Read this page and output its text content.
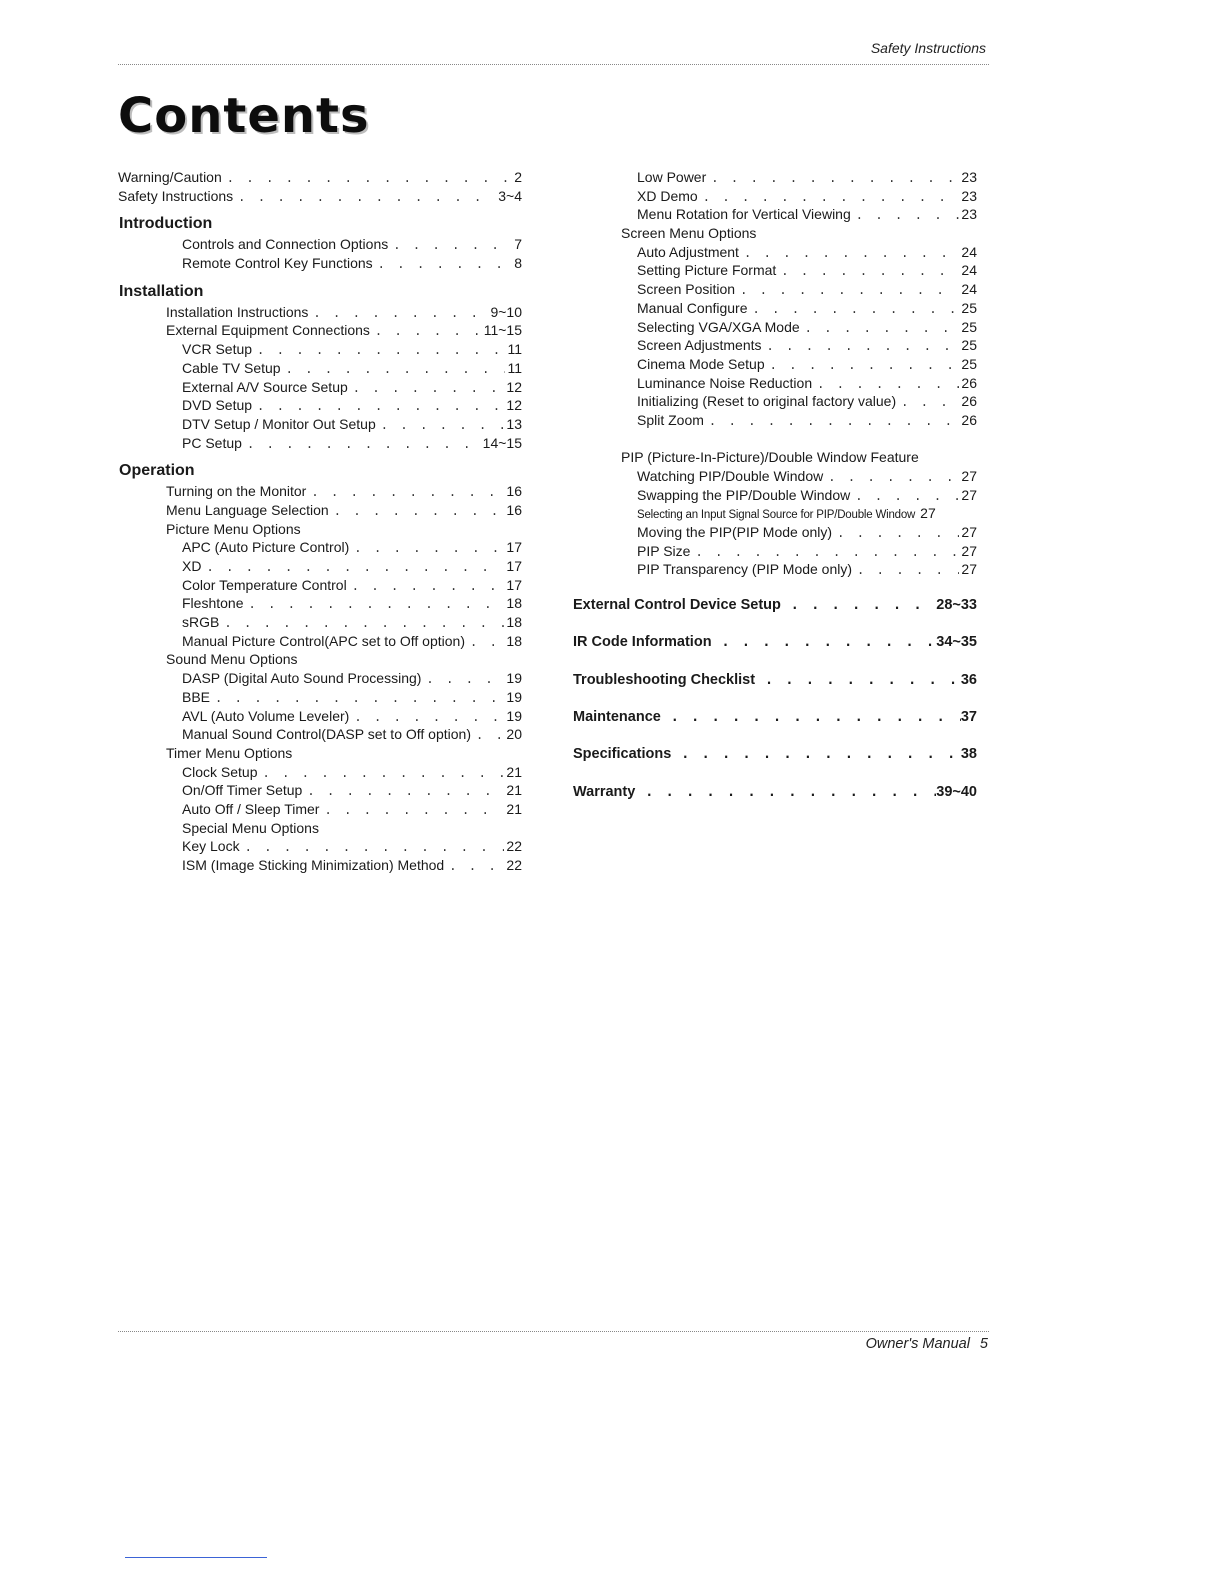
Safety Instructions
Contents
Warning/Caution . . .	2
Safety Instructions . . .	3~4
Introduction
Controls and Connection Options . . .	7
Remote Control Key Functions . . .	8
Installation
Installation Instructions . . .	9~10
External Equipment Connections . . .	11~15
VCR Setup . . .	11
Cable TV Setup . . .	11
External A/V Source Setup . . .	12
DVD Setup . . .	12
DTV Setup / Monitor Out Setup . . .	13
PC Setup . . .	14~15
Operation
Turning on the Monitor . . .	16
Menu Language Selection . . .	16
Picture Menu Options
APC (Auto Picture Control) . . .	17
XD . . .	17
Color Temperature Control . . .	17
Fleshtone . . .	18
sRGB . . .	18
Manual Picture Control(APC set to Off option) . . .	18
Sound Menu Options
DASP (Digital Auto Sound Processing) . . .	19
BBE . . .	19
AVL (Auto Volume Leveler) . . .	19
Manual Sound Control(DASP set to Off option) . . .	20
Timer Menu Options
Clock Setup . . .	21
On/Off Timer Setup . . .	21
Auto Off / Sleep Timer . . .	21
Special Menu Options
Key Lock . . .	22
ISM (Image Sticking Minimization) Method . . .	22
Low Power . . .	23
XD Demo . . .	23
Menu Rotation for Vertical Viewing . . .	23
Screen Menu Options
Auto Adjustment . . .	24
Setting Picture Format . . .	24
Screen Position . . .	24
Manual Configure . . .	25
Selecting VGA/XGA Mode . . .	25
Screen Adjustments . . .	25
Cinema Mode Setup . . .	25
Luminance Noise Reduction . . .	26
Initializing (Reset to original factory value) . . .	26
Split Zoom . . .	26
PIP (Picture-In-Picture)/Double Window Feature
Watching PIP/Double Window . . .	27
Swapping the PIP/Double Window . . .	27
Selecting an Input Signal Source for PIP/Double Window 27
Moving the PIP(PIP Mode only) . . .	27
PIP Size . . .	27
PIP Transparency (PIP Mode only) . . .	27
External Control Device Setup . . .	28~33
IR Code Information . . .	34~35
Troubleshooting Checklist . . .	36
Maintenance . . .	37
Specifications . . .	38
Warranty . . .	39~40
Owner's Manual 5
